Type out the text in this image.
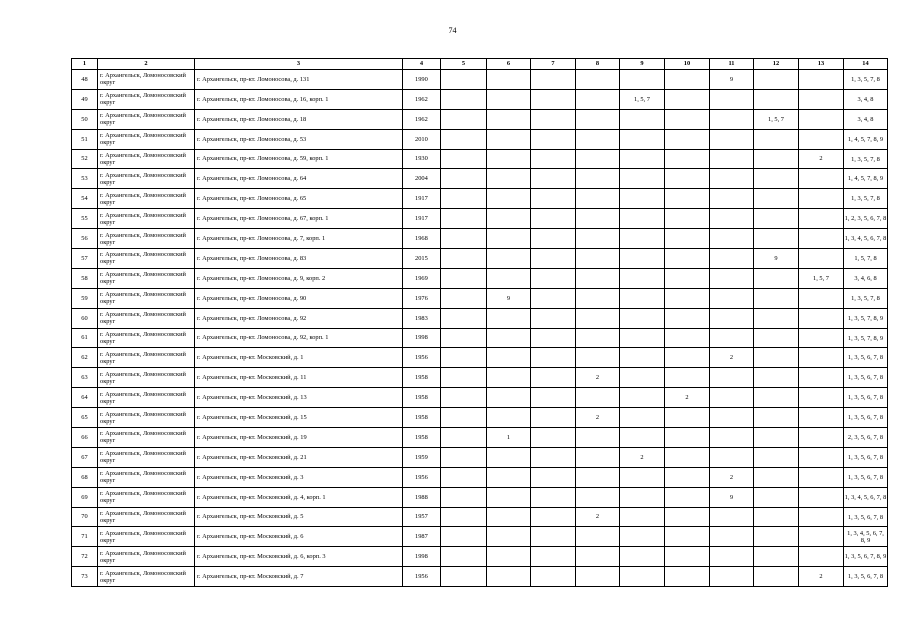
74
1	2	3	4	5	6	7	8	9	10	11	12	13	14
48	г. Архангельск, Ломоносовский округ	г. Архангельск, пр-кт. Ломоносова, д. 131	1990							9			1, 3, 5, 7, 8
49	г. Архангельск, Ломоносовский округ	г. Архангельск, пр-кт. Ломоносова, д. 16, корп. 1	1962					1, 5, 7					3, 4, 8
50	г. Архангельск, Ломоносовский округ	г. Архангельск, пр-кт. Ломоносова, д. 18	1962								1, 5, 7		3, 4, 8
51	г. Архангельск, Ломоносовский округ	г. Архангельск, пр-кт. Ломоносова, д. 53	2010										1, 4, 5, 7, 8, 9
52	г. Архангельск, Ломоносовский округ	г. Архангельск, пр-кт. Ломоносова, д. 59, корп. 1	1930									2	1, 3, 5, 7, 8
53	г. Архангельск, Ломоносовский округ	г. Архангельск, пр-кт. Ломоносова, д. 64	2004										1, 4, 5, 7, 8, 9
54	г. Архангельск, Ломоносовский округ	г. Архангельск, пр-кт. Ломоносова, д. 65	1917										1, 3, 5, 7, 8
55	г. Архангельск, Ломоносовский округ	г. Архангельск, пр-кт. Ломоносова, д. 67, корп. 1	1917										1, 2, 3, 5, 6, 7, 8
56	г. Архангельск, Ломоносовский округ	г. Архангельск, пр-кт. Ломоносова, д. 7, корп. 1	1968										1, 3, 4, 5, 6, 7, 8
57	г. Архангельск, Ломоносовский округ	г. Архангельск, пр-кт. Ломоносова, д. 83	2015								9		1, 5, 7, 8
58	г. Архангельск, Ломоносовский округ	г. Архангельск, пр-кт. Ломоносова, д. 9, корп. 2	1969									1, 5, 7	3, 4, 6, 8
59	г. Архангельск, Ломоносовский округ	г. Архангельск, пр-кт. Ломоносова, д. 90	1976		9								1, 3, 5, 7, 8
60	г. Архангельск, Ломоносовский округ	г. Архангельск, пр-кт. Ломоносова, д. 92	1983										1, 3, 5, 7, 8, 9
61	г. Архангельск, Ломоносовский округ	г. Архангельск, пр-кт. Ломоносова, д. 92, корп. 1	1998										1, 3, 5, 7, 8, 9
62	г. Архангельск, Ломоносовский округ	г. Архангельск, пр-кт. Московский, д. 1	1956							2			1, 3, 5, 6, 7, 8
63	г. Архангельск, Ломоносовский округ	г. Архангельск, пр-кт. Московский, д. 11	1958				2						1, 3, 5, 6, 7, 8
64	г. Архангельск, Ломоносовский округ	г. Архангельск, пр-кт. Московский, д. 13	1958						2				1, 3, 5, 6, 7, 8
65	г. Архангельск, Ломоносовский округ	г. Архангельск, пр-кт. Московский, д. 15	1958				2						1, 3, 5, 6, 7, 8
66	г. Архангельск, Ломоносовский округ	г. Архангельск, пр-кт. Московский, д. 19	1958		1								2, 3, 5, 6, 7, 8
67	г. Архангельск, Ломоносовский округ	г. Архангельск, пр-кт. Московский, д. 21	1959					2					1, 3, 5, 6, 7, 8
68	г. Архангельск, Ломоносовский округ	г. Архангельск, пр-кт. Московский, д. 3	1956							2			1, 3, 5, 6, 7, 8
69	г. Архангельск, Ломоносовский округ	г. Архангельск, пр-кт. Московский, д. 4, корп. 1	1988							9			1, 3, 4, 5, 6, 7, 8
70	г. Архангельск, Ломоносовский округ	г. Архангельск, пр-кт. Московский, д. 5	1957				2						1, 3, 5, 6, 7, 8
71	г. Архангельск, Ломоносовский округ	г. Архангельск, пр-кт. Московский, д. 6	1987										1, 3, 4, 5, 6, 7, 8, 9
72	г. Архангельск, Ломоносовский округ	г. Архангельск, пр-кт. Московский, д. 6, корп. 3	1998										1, 3, 5, 6, 7, 8, 9
73	г. Архангельск, Ломоносовский округ	г. Архангельск, пр-кт. Московский, д. 7	1956									2	1, 3, 5, 6, 7, 8
